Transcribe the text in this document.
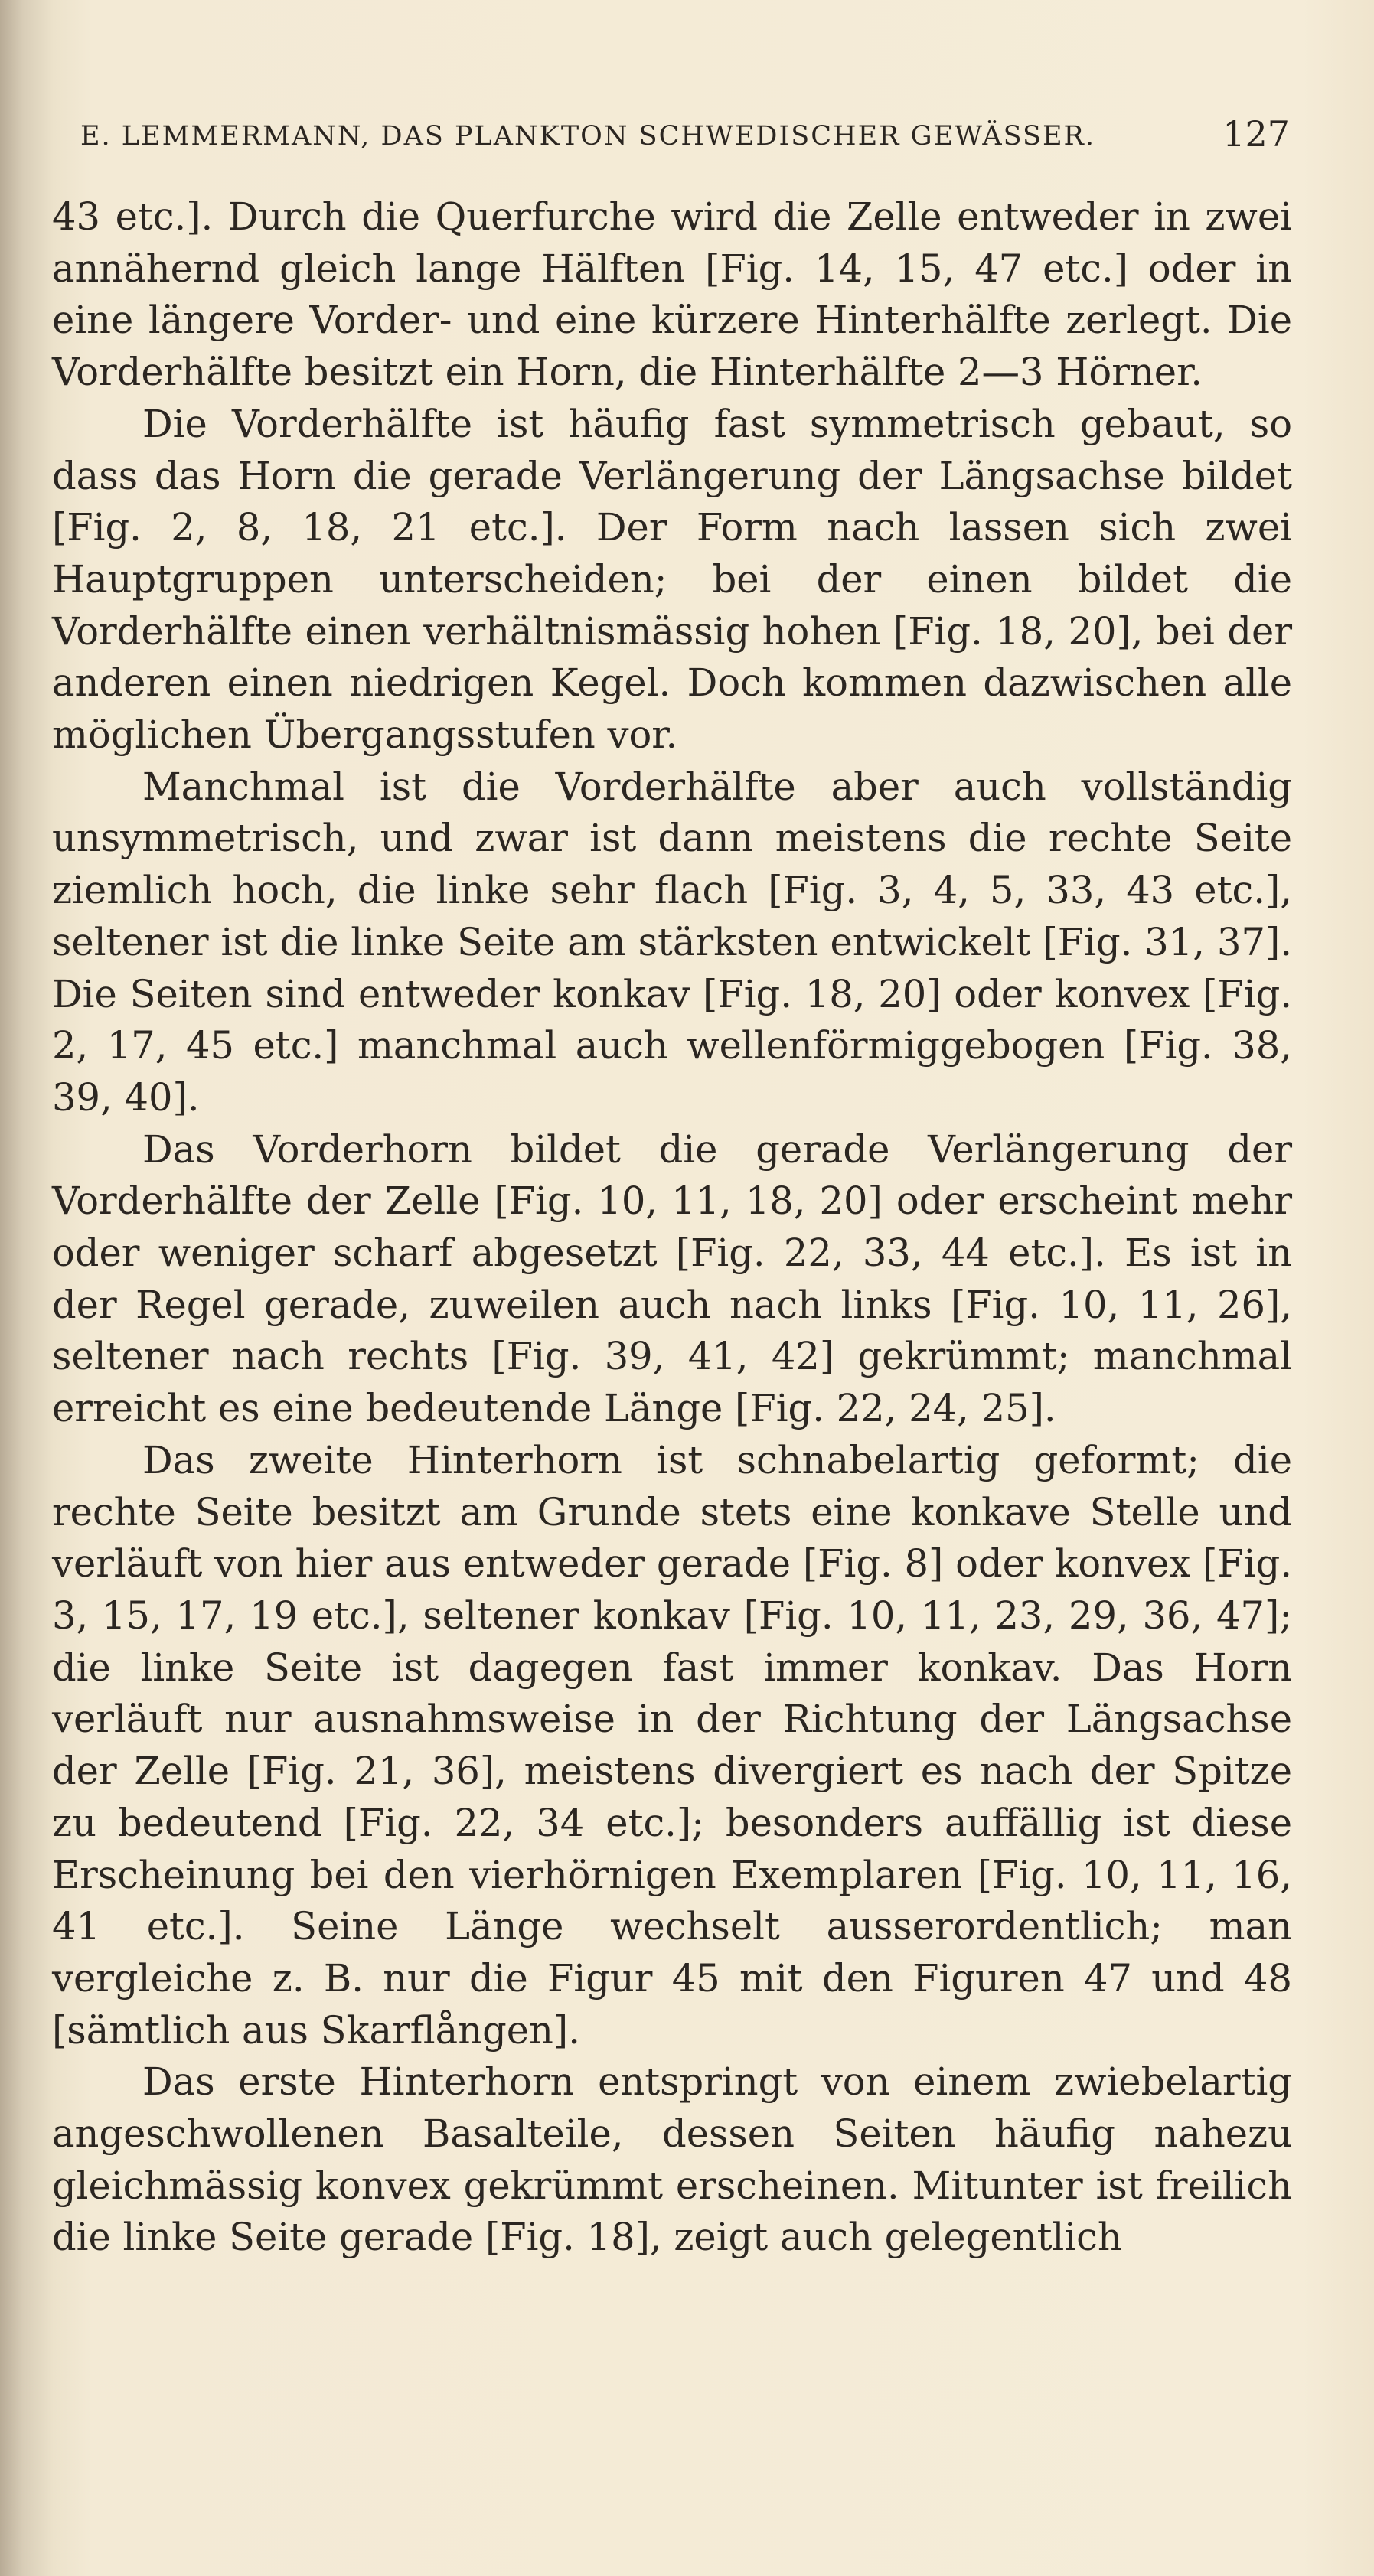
E. LEMMERMANN, DAS PLANKTON SCHWEDISCHER GEWÄSSER.	127

43 etc.]. Durch die Querfurche wird die Zelle entweder in zwei annähernd gleich lange Hälften [Fig. 14, 15, 47 etc.] oder in eine längere Vorder- und eine kürzere Hinterhälfte zerlegt. Die Vorderhälfte besitzt ein Horn, die Hinterhälfte 2—3 Hörner.

Die Vorderhälfte ist häufig fast symmetrisch gebaut, so dass das Horn die gerade Verlängerung der Längsachse bildet [Fig. 2, 8, 18, 21 etc.]. Der Form nach lassen sich zwei Hauptgruppen unterscheiden; bei der einen bildet die Vorderhälfte einen verhältnismässig hohen [Fig. 18, 20], bei der anderen einen niedrigen Kegel. Doch kommen dazwischen alle möglichen Übergangsstufen vor.

Manchmal ist die Vorderhälfte aber auch vollständig unsymmetrisch, und zwar ist dann meistens die rechte Seite ziemlich hoch, die linke sehr flach [Fig. 3, 4, 5, 33, 43 etc.], seltener ist die linke Seite am stärksten entwickelt [Fig. 31, 37]. Die Seiten sind entweder konkav [Fig. 18, 20] oder konvex [Fig. 2, 17, 45 etc.] manchmal auch wellenförmiggebogen [Fig. 38, 39, 40].

Das Vorderhorn bildet die gerade Verlängerung der Vorderhälfte der Zelle [Fig. 10, 11, 18, 20] oder erscheint mehr oder weniger scharf abgesetzt [Fig. 22, 33, 44 etc.]. Es ist in der Regel gerade, zuweilen auch nach links [Fig. 10, 11, 26], seltener nach rechts [Fig. 39, 41, 42] gekrümmt; manchmal erreicht es eine bedeutende Länge [Fig. 22, 24, 25].

Das zweite Hinterhorn ist schnabelartig geformt; die rechte Seite besitzt am Grunde stets eine konkave Stelle und verläuft von hier aus entweder gerade [Fig. 8] oder konvex [Fig. 3, 15, 17, 19 etc.], seltener konkav [Fig. 10, 11, 23, 29, 36, 47]; die linke Seite ist dagegen fast immer konkav. Das Horn verläuft nur ausnahmsweise in der Richtung der Längsachse der Zelle [Fig. 21, 36], meistens divergiert es nach der Spitze zu bedeutend [Fig. 22, 34 etc.]; besonders auffällig ist diese Erscheinung bei den vierhörnigen Exemplaren [Fig. 10, 11, 16, 41 etc.]. Seine Länge wechselt ausserordentlich; man vergleiche z. B. nur die Figur 45 mit den Figuren 47 und 48 [sämtlich aus Skarflången].

Das erste Hinterhorn entspringt von einem zwiebelartig angeschwollenen Basalteile, dessen Seiten häufig nahezu gleichmässig konvex gekrümmt erscheinen. Mitunter ist freilich die linke Seite gerade [Fig. 18], zeigt auch gelegentlich
